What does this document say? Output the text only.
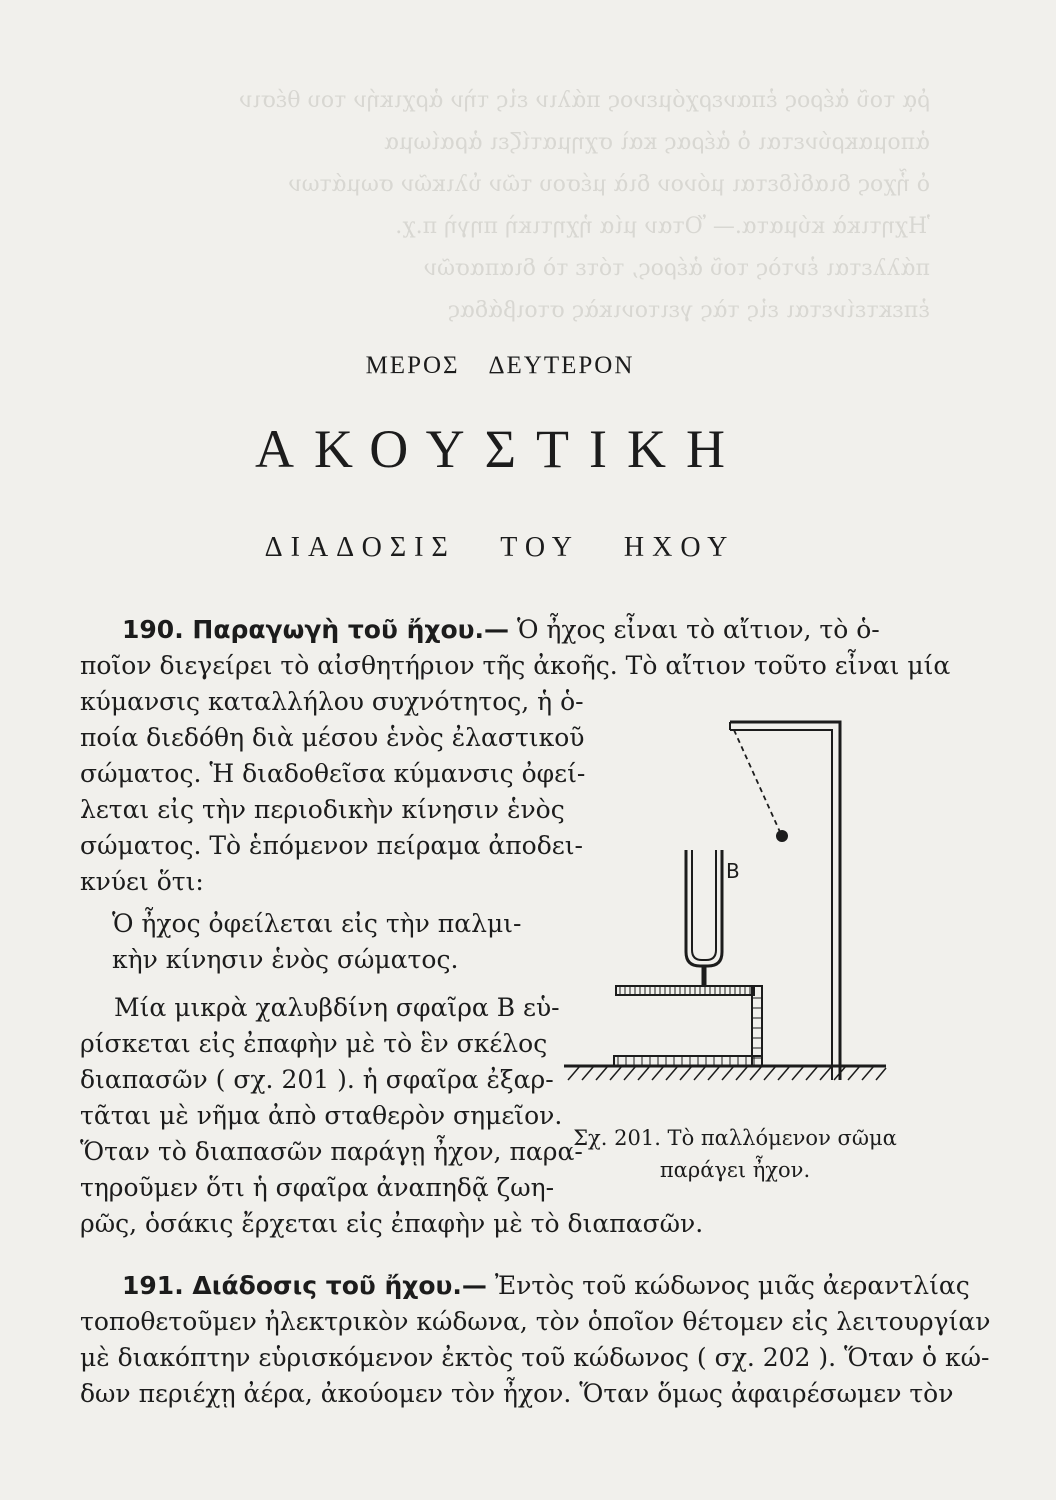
ῥᾳ τοῦ ἀέρος ἐπανερχόμενος πάλιν εἰς τὴν ἀρχικήν του θέσιν
ἀπομακρύνεται ὁ ἀέρας καὶ σχηματίζει ἀραίωμα
ὁ ἦχος διαδίδεται μόνον διὰ μέσου τῶν ὑλικῶν σωμάτων
Ἠχητικὰ κύματα.— Ὅταν μία ἠχητικὴ πηγὴ π.χ.
πάλλεται ἐντὸς τοῦ ἀέρος, τότε τὸ διαπασῶν
ἐπεκτείνεται εἰς τὰς γειτονικὰς στοιβάδας
ΜΕΡΟΣ ΔΕΥΤΕΡΟΝ
ΑΚΟΥΣΤΙΚΗ
ΔΙΑΔΟΣΙΣ ΤΟΥ ΗΧΟΥ
190. Παραγωγὴ τοῦ ἤχου.— Ὁ ἦχος εἶναι τὸ αἴτιον, τὸ ὁ-
ποῖον διεγείρει τὸ αἰσθητήριον τῆς ἀκοῆς. Τὸ αἴτιον τοῦτο εἶναι μία
κύμανσις καταλλήλου συχνότητος, ἡ ὁ-
ποία διεδόθη διὰ μέσου ἑνὸς ἐλαστικοῦ
σώματος. Ἡ διαδοθεῖσα κύμανσις ὀφεί-
λεται εἰς τὴν περιοδικὴν κίνησιν ἑνὸς
σώματος. Τὸ ἑπόμενον πείραμα ἀποδει-
κνύει ὅτι:
Ὁ ἦχος ὀφείλεται εἰς τὴν παλμι-
κὴν κίνησιν ἑνὸς σώματος.
Μία μικρὰ χαλυβδίνη σφαῖρα Β εὑ-
ρίσκεται εἰς ἐπαφὴν μὲ τὸ ἓν σκέλος
διαπασῶν ( σχ. 201 ). ἡ σφαῖρα ἐξαρ-
τᾶται μὲ νῆμα ἀπὸ σταθερὸν σημεῖον.
Ὅταν τὸ διαπασῶν παράγῃ ἦχον, παρα-
τηροῦμεν ὅτι ἡ σφαῖρα ἀναπηδᾷ ζωη-
ρῶς, ὁσάκις ἔρχεται εἰς ἐπαφὴν μὲ τὸ διαπασῶν.
B
Σχ. 201. Τὸ παλλόμενον σῶμα
παράγει ἦχον.
191. Διάδοσις τοῦ ἤχου.— Ἐντὸς τοῦ κώδωνος μιᾶς ἀεραντλίας
τοποθετοῦμεν ἠλεκτρικὸν κώδωνα, τὸν ὁποῖον θέτομεν εἰς λειτουργίαν
μὲ διακόπτην εὑρισκόμενον ἐκτὸς τοῦ κώδωνος ( σχ. 202 ). Ὅταν ὁ κώ-
δων περιέχῃ ἀέρα, ἀκούομεν τὸν ἦχον. Ὅταν ὅμως ἀφαιρέσωμεν τὸν
